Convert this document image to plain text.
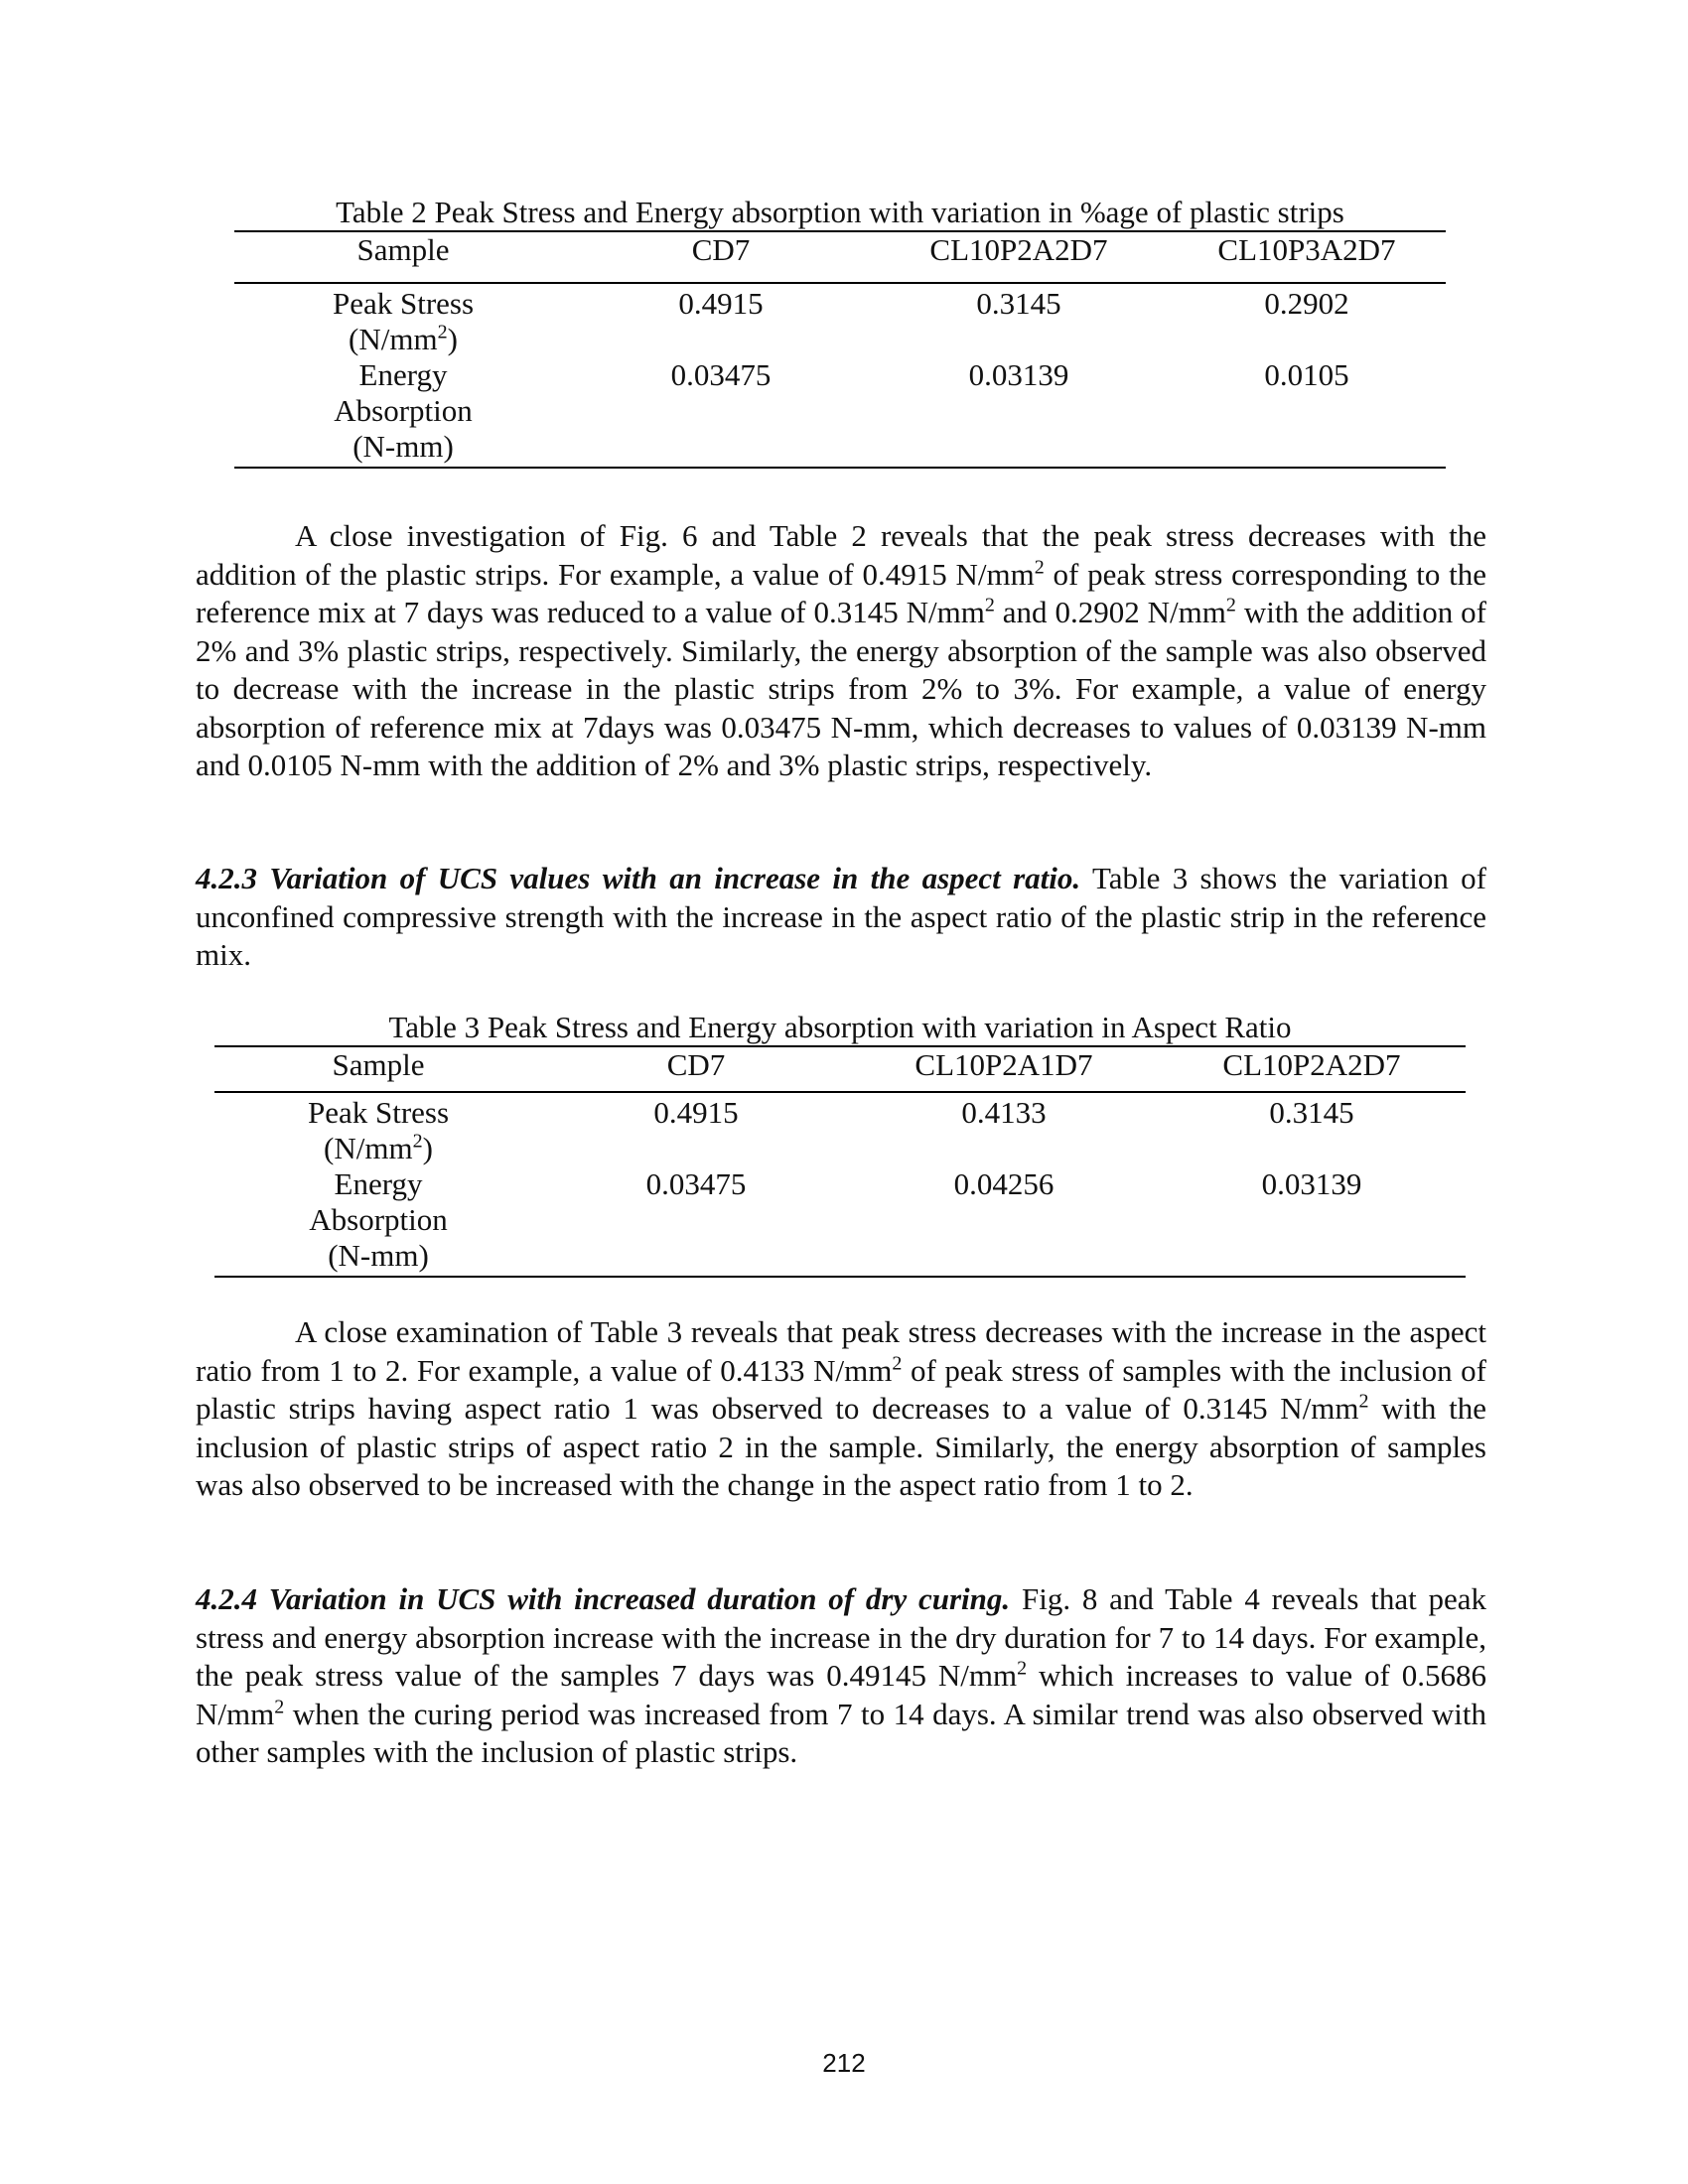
Table 2 Peak Stress and Energy absorption with variation in %age of plastic strips
Sample	CD7	CL10P2A2D7	CL10P3A2D7
Peak Stress
$(N/mm^2)$	0.4915	0.3145	0.2902
Energy
Absorption
(N-mm)	0.03475	0.03139	0.0105
A close investigation of Fig. 6 and Table 2 reveals that the peak stress decreases with the addition of the plastic strips. For example, a value of 0.4915 $N/mm^2$ of peak stress corresponding to the reference mix at 7 days was reduced to a value of 0.3145 $N/mm^2$ and 0.2902 $N/mm^2$ with the addition of 2% and 3% plastic strips, respectively. Similarly, the energy absorption of the sample was also observed to decrease with the increase in the plastic strips from 2% to 3%. For example, a value of energy absorption of reference mix at 7days was 0.03475 N-mm, which decreases to values of 0.03139 N-mm and 0.0105 N-mm with the addition of 2% and 3% plastic strips, respectively.
4.2.3 Variation of UCS values with an increase in the aspect ratio. Table 3 shows the variation of unconfined compressive strength with the increase in the aspect ratio of the plastic strip in the reference mix.
Table 3 Peak Stress and Energy absorption with variation in Aspect Ratio
Sample	CD7	CL10P2A1D7	CL10P2A2D7
Peak Stress
$(N/mm^2)$	0.4915	0.4133	0.3145
Energy
Absorption
(N-mm)	0.03475	0.04256	0.03139
A close examination of Table 3 reveals that peak stress decreases with the increase in the aspect ratio from 1 to 2. For example, a value of 0.4133 $N/mm^2$ of peak stress of samples with the inclusion of plastic strips having aspect ratio 1 was observed to decreases to a value of 0.3145 $N/mm^2$ with the inclusion of plastic strips of aspect ratio 2 in the sample. Similarly, the energy absorption of samples was also observed to be increased with the change in the aspect ratio from 1 to 2.
4.2.4 Variation in UCS with increased duration of dry curing. Fig. 8 and Table 4 reveals that peak stress and energy absorption increase with the increase in the dry duration for 7 to 14 days. For example, the peak stress value of the samples 7 days was 0.49145 $N/mm^2$ which increases to value of 0.5686 $N/mm^2$ when the curing period was increased from 7 to 14 days. A similar trend was also observed with other samples with the inclusion of plastic strips.
212
